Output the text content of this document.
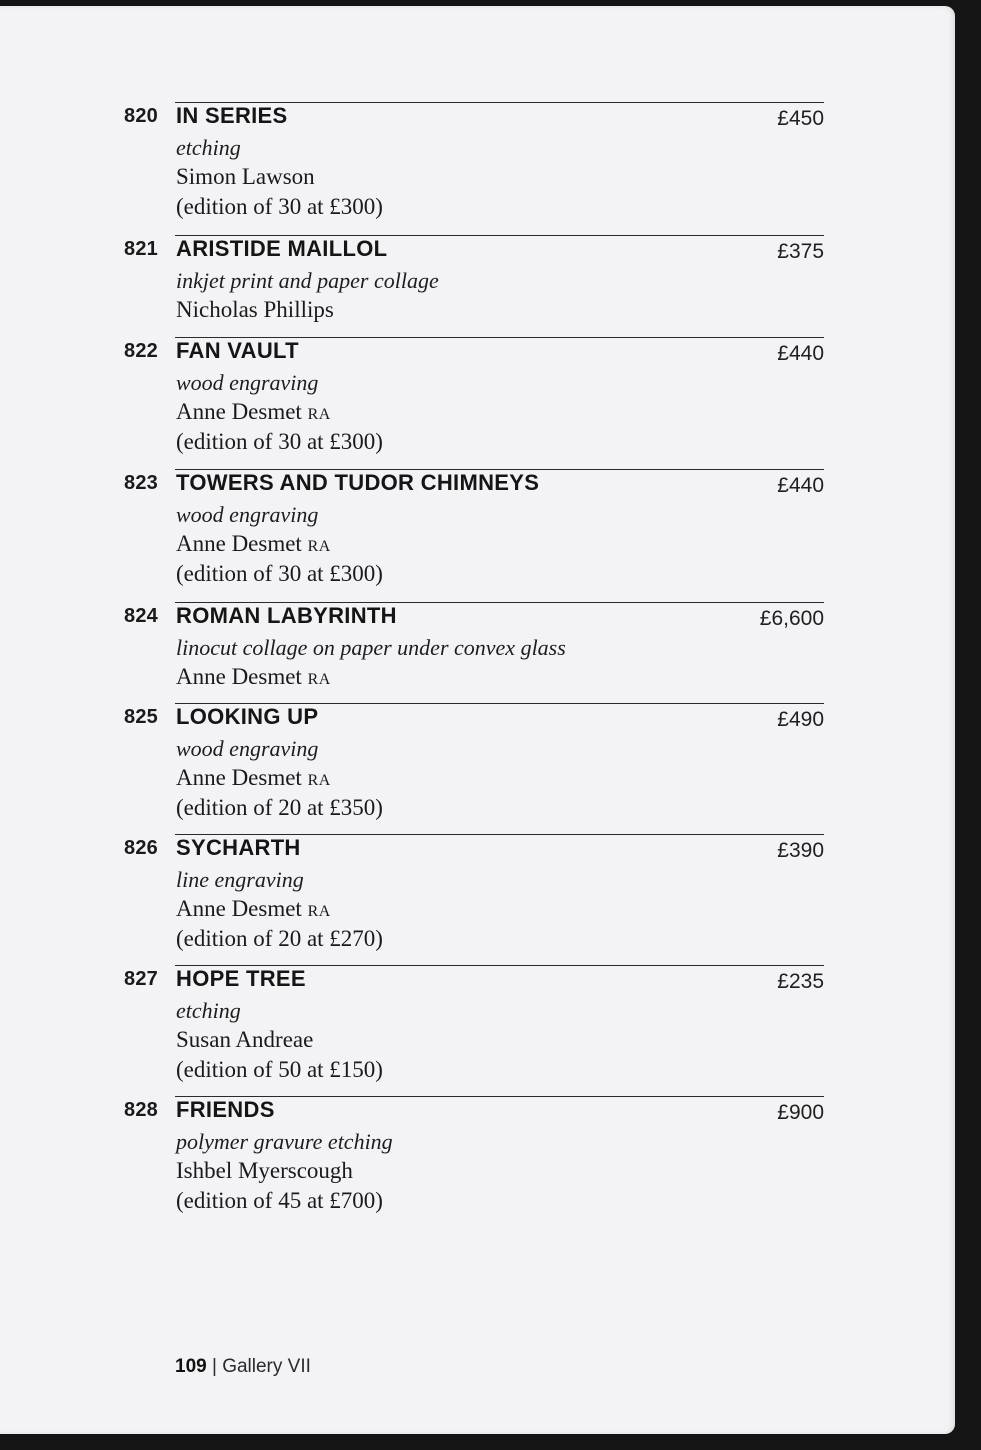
820 IN SERIES	£450
etching
Simon Lawson
(edition of 30 at £300)
821 ARISTIDE MAILLOL	£375
inkjet print and paper collage
Nicholas Phillips
822 FAN VAULT	£440
wood engraving
Anne Desmet RA
(edition of 30 at £300)
823 TOWERS AND TUDOR CHIMNEYS	£440
wood engraving
Anne Desmet RA
(edition of 30 at £300)
824 ROMAN LABYRINTH	£6,600
linocut collage on paper under convex glass
Anne Desmet RA
825 LOOKING UP	£490
wood engraving
Anne Desmet RA
(edition of 20 at £350)
826 SYCHARTH	£390
line engraving
Anne Desmet RA
(edition of 20 at £270)
827 HOPE TREE	£235
etching
Susan Andreae
(edition of 50 at £150)
828 FRIENDS	£900
polymer gravure etching
Ishbel Myerscough
(edition of 45 at £700)
109 | Gallery VII
